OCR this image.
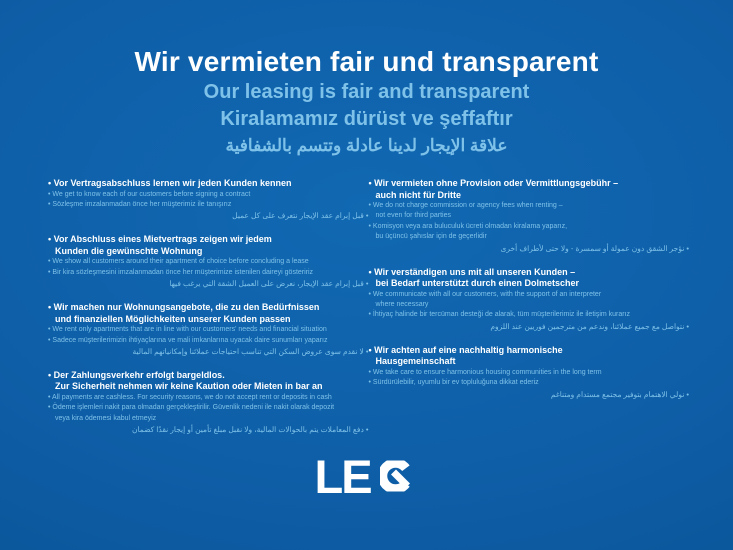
Wir vermieten fair und transparent
Our leasing is fair and transparent
Kiralamamız dürüst ve şeffaftır
علاقة الإيجار لدينا عادلة وتتسم بالشفافية
• Vor Vertragsabschluss lernen wir jeden Kunden kennen
• We get to know each of our customers before signing a contract
• Sözleşme imzalanmadan önce her müşterimiz ile tanışırız
• قبل إبرام عقد الإيجار نتعرف على كل عميل
• Vor Abschluss eines Mietvertrags zeigen wir jedem
Kunden die gewünschte Wohnung
• We show all customers around their apartment of choice before concluding a lease
• Bir kira sözleşmesini imzalanmadan önce her müşterimize istenilen daireyi gösteririz
• قبل إبرام عقد الإيجار، نعرض على العميل الشقة التي يرغب فيها
• Wir machen nur Wohnungsangebote, die zu den Bedürfnissen
und finanziellen Möglichkeiten unserer Kunden passen
• We rent only apartments that are in line with our customers' needs and financial situation
• Sadece müşterilerimizin ihtiyaçlarına ve mali imkanlarına uyacak daire sunumları yaparız
• لا نقدم سوى عروض السكن التي تناسب احتياجات عملائنا وإمكانياتهم المالية
• Der Zahlungsverkehr erfolgt bargeldlos.
Zur Sicherheit nehmen wir keine Kaution oder Mieten in bar an
• All payments are cashless. For security reasons, we do not accept rent or deposits in cash
• Ödeme işlemleri nakit para olmadan gerçekleştirilir. Güvenlik nedeni ile nakit olarak depozit
veya kira ödemesi kabul etmeyiz
• دفع المعاملات يتم بالحوالات المالية، ولا نقبل مبلغ تأمين أو إيجار نقدًا كضمان
• Wir vermieten ohne Provision oder Vermittlungsgebühr –
auch nicht für Dritte
• We do not charge commission or agency fees when renting –
not even for third parties
• Komisyon veya ara buluculuk ücreti olmadan kiralama yaparız,
bu üçüncü şahıslar için de geçerlidir
• نؤجر الشقق دون عمولة أو سمسرة - ولا حتى لأطراف أخرى
• Wir verständigen uns mit all unseren Kunden –
bei Bedarf unterstützt durch einen Dolmetscher
• We communicate with all our customers, with the support of an interpreter
where necessary
• İhtiyaç halinde bir tercüman desteği de alarak, tüm müşterilerimiz ile iletişim kurarız
• نتواصل مع جميع عملائنا، وندعم من مترجمين فوريين عند اللزوم
• Wir achten auf eine nachhaltig harmonische
Hausgemeinschaft
• We take care to ensure harmonious housing communities in the long term
• Sürdürülebilir, uyumlu bir ev topluluğuna dikkat ederiz
• نولي الاهتمام بتوفير مجتمع مستدام ومتناغم
LE
